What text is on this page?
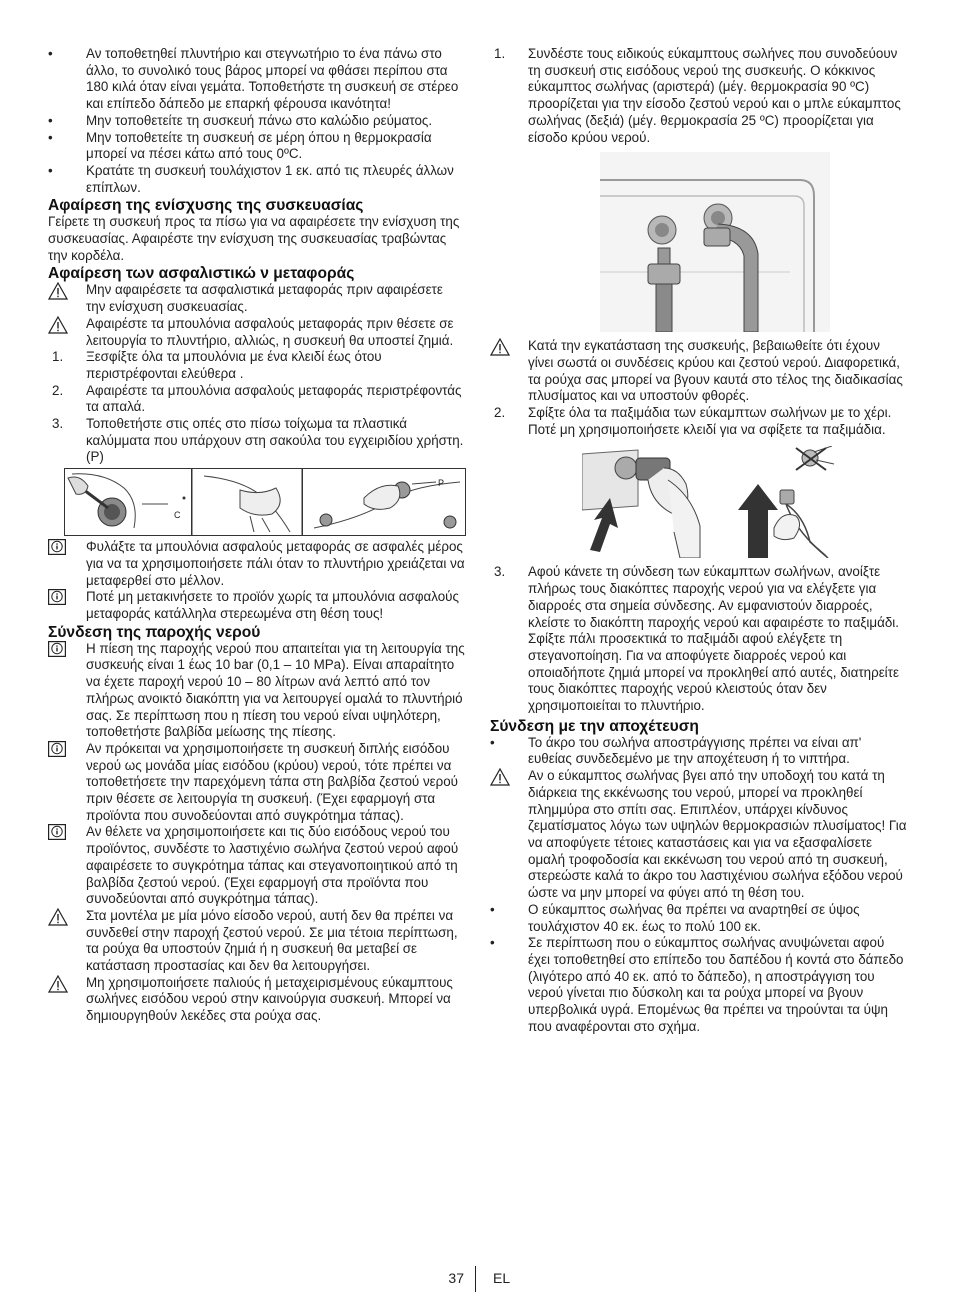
•	Αν τοποθετηθεί πλυντήριο και στεγνωτήριο το ένα πάνω στο άλλο, το συνολικό τους βάρος μπορεί να φθάσει περίπου στα 180 κιλά όταν είναι γεμάτα. Τοποθετήστε τη συσκευή σε στέρεο και επίπεδο δάπεδο με επαρκή φέρουσα ικανότητα!
•	Μην τοποθετείτε τη συσκευή πάνω στο καλώδιο ρεύματος.
•	Μην τοποθετείτε τη συσκευή σε μέρη όπου η θερμοκρασία μπορεί να πέσει κάτω από τους 0ºC.
•	Κρατάτε τη συσκευή τουλάχιστον 1 εκ. από τις πλευρές άλλων επίπλων.
Αφαίρεση της ενίσχυσης της συσκευασίας
Γείρετε τη συσκευή προς τα πίσω για να αφαιρέσετε την ενίσχυση της συσκευασίας. Αφαιρέστε την ενίσχυση της συσκευασίας τραβώντας την κορδέλα.
Αφαίρεση των ασφαλιστικώ ν μεταφοράς
Μην αφαιρέσετε τα ασφαλιστικά μεταφοράς πριν αφαιρέσετε την ενίσχυση συσκευασίας.
Αφαιρέστε τα μπουλόνια ασφαλούς μεταφοράς πριν θέσετε σε λειτουργία το πλυντήριο, αλλιώς, η συσκευή θα υποστεί ζημιά.
1.	Ξεσφίξτε όλα τα μπουλόνια με ένα κλειδί έως ότου περιστρέφονται ελεύθερα .
2.	Αφαιρέστε τα μπουλόνια ασφαλούς μεταφοράς περιστρέφοντάς τα απαλά.
3.	Τοποθετήστε στις οπές στο πίσω τοίχωμα τα πλαστικά καλύμματα που υπάρχουν στη σακούλα του εγχειριδίου χρήστη. (P)
C
P
Φυλάξτε τα μπουλόνια ασφαλούς μεταφοράς σε ασφαλές μέρος για να τα χρησιμοποιήσετε πάλι όταν το πλυντήριο χρειάζεται να μεταφερθεί στο μέλλον.
Ποτέ μη μετακινήσετε το προϊόν χωρίς τα μπουλόνια ασφαλούς μεταφοράς κατάλληλα στερεωμένα στη θέση τους!
Σύνδεση της παροχής νερού
Η πίεση της παροχής νερού που απαιτείται για τη λειτουργία της συσκευής είναι 1 έως 10 bar (0,1 – 10 MPa). Είναι απαραίτητο να έχετε παροχή νερού 10 – 80 λίτρων ανά λεπτό από τον πλήρως ανοικτό διακόπτη για να λειτουργεί ομαλά το πλυντήριό σας. Σε περίπτωση που η πίεση του νερού είναι υψηλότερη, τοποθετήστε βαλβίδα μείωσης της πίεσης.
Αν πρόκειται να χρησιμοποιήσετε τη συσκευή διπλής εισόδου νερού ως μονάδα μίας εισόδου (κρύου) νερού, τότε πρέπει να τοποθετήσετε την παρεχόμενη τάπα στη βαλβίδα ζεστού νερού πριν θέσετε σε λειτουργία τη συσκευή. (Έχει εφαρμογή στα προϊόντα που συνοδεύονται από συγκρότημα τάπας).
Αν θέλετε να χρησιμοποιήσετε και τις δύο εισόδους νερού του προϊόντος, συνδέστε το λαστιχένιο σωλήνα ζεστού νερού αφού αφαιρέσετε το συγκρότημα τάπας και στεγανοποιητικού από τη βαλβίδα ζεστού νερού. (Έχει εφαρμογή στα προϊόντα που συνοδεύονται από συγκρότημα τάπας).
Στα μοντέλα με μία μόνο είσοδο νερού, αυτή δεν θα πρέπει να συνδεθεί στην παροχή ζεστού νερού. Σε μια τέτοια περίπτωση, τα ρούχα θα υποστούν ζημιά ή η συσκευή θα μεταβεί σε κατάσταση προστασίας και δεν θα λειτουργήσει.
Μη χρησιμοποιήσετε παλιούς ή μεταχειρισμένους εύκαμπτους σωλήνες εισόδου νερού στην καινούργια συσκευή. Μπορεί να δημιουργηθούν λεκέδες στα ρούχα σας.
1.	Συνδέστε τους ειδικούς εύκαμπτους σωλήνες που συνοδεύουν τη συσκευή στις εισόδους νερού της συσκευής. Ο κόκκινος εύκαμπτος σωλήνας (αριστερά) (μέγ. θερμοκρασία 90 ºC) προορίζεται για την είσοδο ζεστού νερού και ο μπλε εύκαμπτος σωλήνας (δεξιά) (μέγ. θερμοκρασία 25 ºC) προορίζεται για είσοδο κρύου νερού.
Κατά την εγκατάσταση της συσκευής, βεβαιωθείτε ότι έχουν γίνει σωστά οι συνδέσεις κρύου και ζεστού νερού. Διαφορετικά, τα ρούχα σας μπορεί να βγουν καυτά στο τέλος της διαδικασίας πλυσίματος και να υποστούν φθορές.
2.	Σφίξτε όλα τα παξιμάδια των εύκαμπτων σωλήνων με το χέρι. Ποτέ μη χρησιμοποιήσετε κλειδί για να σφίξετε τα παξιμάδια.
3.	Αφού κάνετε τη σύνδεση των εύκαμπτων σωλήνων, ανοίξτε πλήρως τους διακόπτες παροχής νερού για να ελέγξετε για διαρροές στα σημεία σύνδεσης. Αν εμφανιστούν διαρροές, κλείστε το διακόπτη παροχής νερού και αφαιρέστε το παξιμάδι. Σφίξτε πάλι προσεκτικά το παξιμάδι αφού ελέγξετε τη στεγανοποίηση. Για να αποφύγετε διαρροές νερού και οποιαδήποτε ζημιά μπορεί να προκληθεί από αυτές, διατηρείτε τους διακόπτες παροχής νερού κλειστούς όταν δεν χρησιμοποιείται το πλυντήριο.
Σύνδεση με την αποχέτευση
•	Το άκρο του σωλήνα αποστράγγισης πρέπει να είναι απ' ευθείας συνδεδεμένο με την αποχέτευση ή το νιπτήρα.
Αν ο εύκαμπτος σωλήνας βγει από την υποδοχή του κατά τη διάρκεια της εκκένωσης του νερού, μπορεί να προκληθεί πλημμύρα στο σπίτι σας. Επιπλέον, υπάρχει κίνδυνος ζεματίσματος λόγω των υψηλών θερμοκρασιών πλυσίματος! Για να αποφύγετε τέτοιες καταστάσεις και για να εξασφαλίσετε ομαλή τροφοδοσία και εκκένωση του νερού από τη συσκευή, στερεώστε καλά το άκρο του λαστιχένιου σωλήνα εξόδου νερού ώστε να μην μπορεί να φύγει από τη θέση του.
•	Ο εύκαμπτος σωλήνας θα πρέπει να αναρτηθεί σε ύψος τουλάχιστον 40 εκ. έως το πολύ 100 εκ.
•	Σε περίπτωση που ο εύκαμπτος σωλήνας ανυψώνεται αφού έχει τοποθετηθεί στο επίπεδο του δαπέδου ή κοντά στο δάπεδο (λιγότερο από 40 εκ. από το δάπεδο), η αποστράγγιση του νερού γίνεται πιο δύσκολη και τα ρούχα μπορεί να βγουν υπερβολικά υγρά. Επομένως θα πρέπει να τηρούνται τα ύψη που αναφέρονται στο σχήμα.
37 EL
